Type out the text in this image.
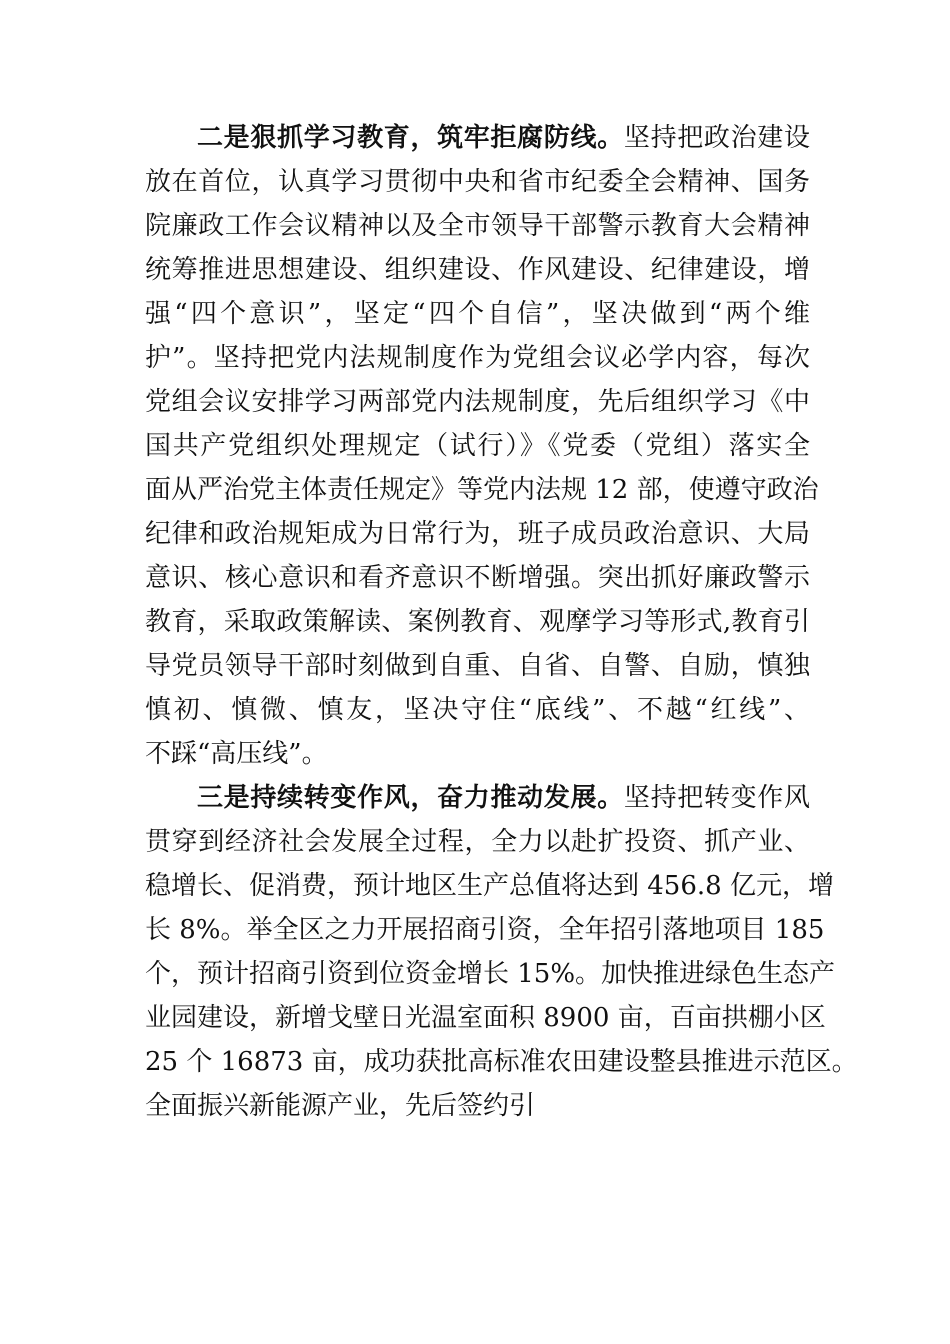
二是狠抓学习教育，筑牢拒腐防线。坚持把政治建设
放在首位，认真学习贯彻中央和省市纪委全会精神、国务
院廉政工作会议精神以及全市领导干部警示教育大会精神
统筹推进思想建设、组织建设、作风建设、纪律建设，增
强“四个意识”，坚定“四个自信”，坚决做到“两个维
护”。坚持把党内法规制度作为党组会议必学内容，每次
党组会议安排学习两部党内法规制度，先后组织学习《中
国共产党组织处理规定（试行）》《党委（党组）落实全
面从严治党主体责任规定》等党内法规 12 部，使遵守政治
纪律和政治规矩成为日常行为，班子成员政治意识、大局
意识、核心意识和看齐意识不断增强。突出抓好廉政警示
教育，采取政策解读、案例教育、观摩学习等形式,教育引
导党员领导干部时刻做到自重、自省、自警、自励，慎独
慎初、慎微、慎友，坚决守住“底线”、不越“红线”、
不踩“高压线”。
三是持续转变作风，奋力推动发展。坚持把转变作风
贯穿到经济社会发展全过程，全力以赴扩投资、抓产业、
稳增长、促消费，预计地区生产总值将达到 456.8 亿元，增
长 8%。举全区之力开展招商引资，全年招引落地项目 185
个，预计招商引资到位资金增长 15%。加快推进绿色生态产
业园建设，新增戈壁日光温室面积 8900 亩，百亩拱棚小区
25 个 16873 亩，成功获批高标准农田建设整县推进示范区。
全面振兴新能源产业，先后签约引
